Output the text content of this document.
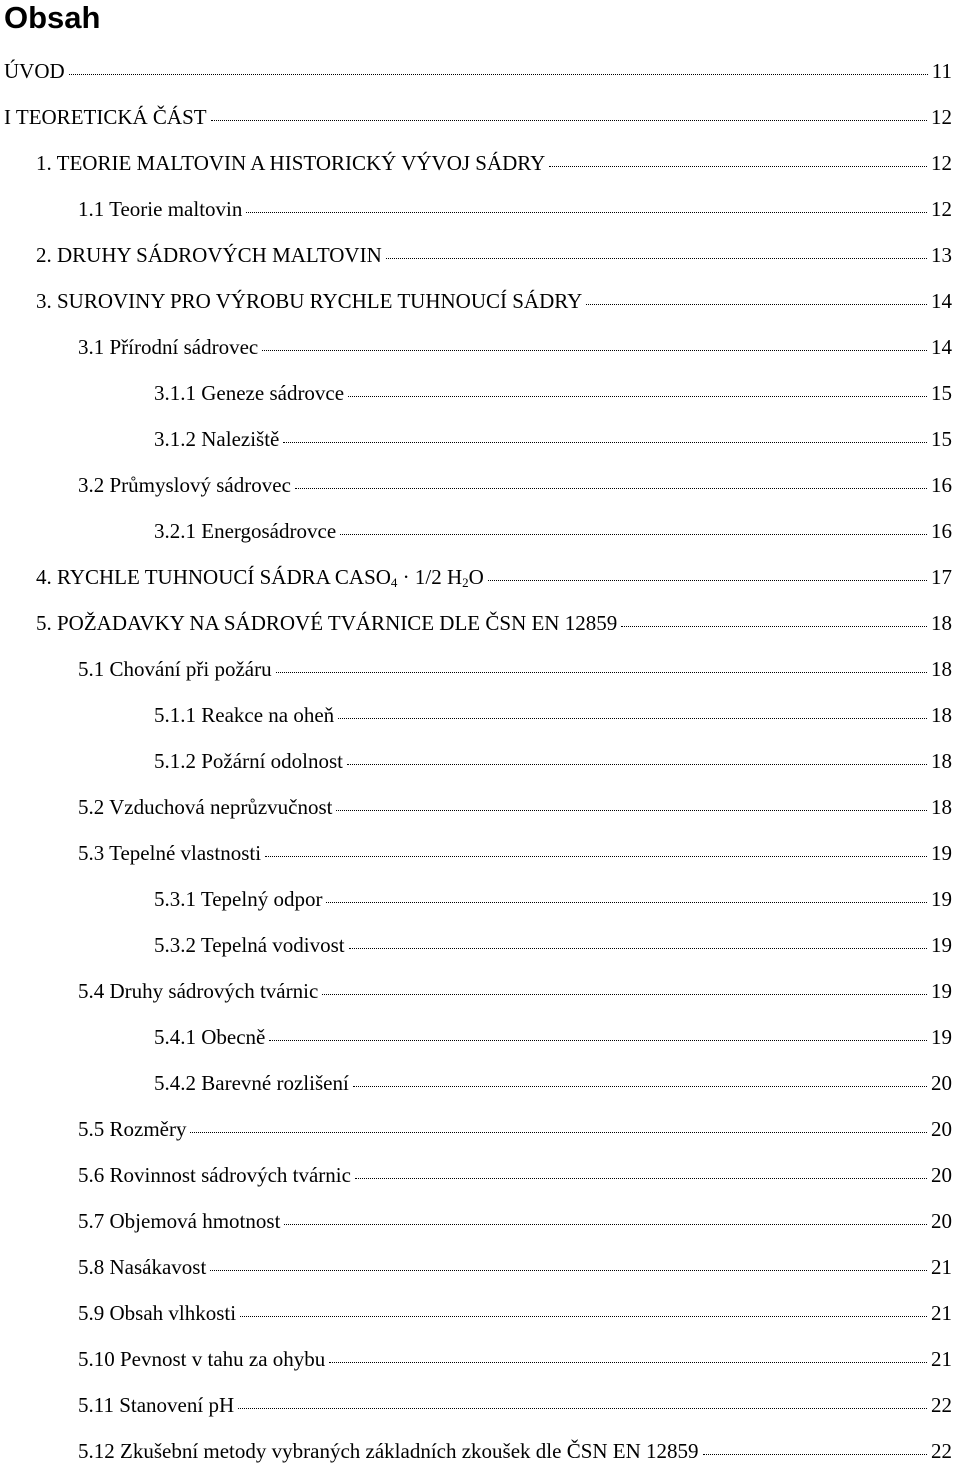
Obsah
ÚVOD	11
I TEORETICKÁ ČÁST	12
1. TEORIE MALTOVIN A HISTORICKÝ VÝVOJ SÁDRY	12
1.1 Teorie maltovin	12
2. DRUHY SÁDROVÝCH MALTOVIN	13
3. SUROVINY PRO VÝROBU RYCHLE TUHNOUCÍ SÁDRY	14
3.1 Přírodní sádrovec	14
3.1.1 Geneze sádrovce	15
3.1.2 Naleziště	15
3.2 Průmyslový sádrovec	16
3.2.1 Energosádrovce	16
4. RYCHLE TUHNOUCÍ SÁDRA $CASO_4 \cdot 1/2$ $H_2O$	17
5. POŽADAVKY NA SÁDROVÉ TVÁRNICE DLE ČSN EN 12859	18
5.1 Chování při požáru	18
5.1.1 Reakce na oheň	18
5.1.2 Požární odolnost	18
5.2 Vzduchová neprůzvučnost	18
5.3 Tepelné vlastnosti	19
5.3.1 Tepelný odpor	19
5.3.2 Tepelná vodivost	19
5.4 Druhy sádrových tvárnic	19
5.4.1 Obecně	19
5.4.2 Barevné rozlišení	20
5.5 Rozměry	20
5.6 Rovinnost sádrových tvárnic	20
5.7 Objemová hmotnost	20
5.8 Nasákavost	21
5.9 Obsah vlhkosti	21
5.10 Pevnost v tahu za ohybu	21
5.11 Stanovení pH	22
5.12 Zkušební metody vybraných základních zkoušek dle ČSN EN 12859	22
